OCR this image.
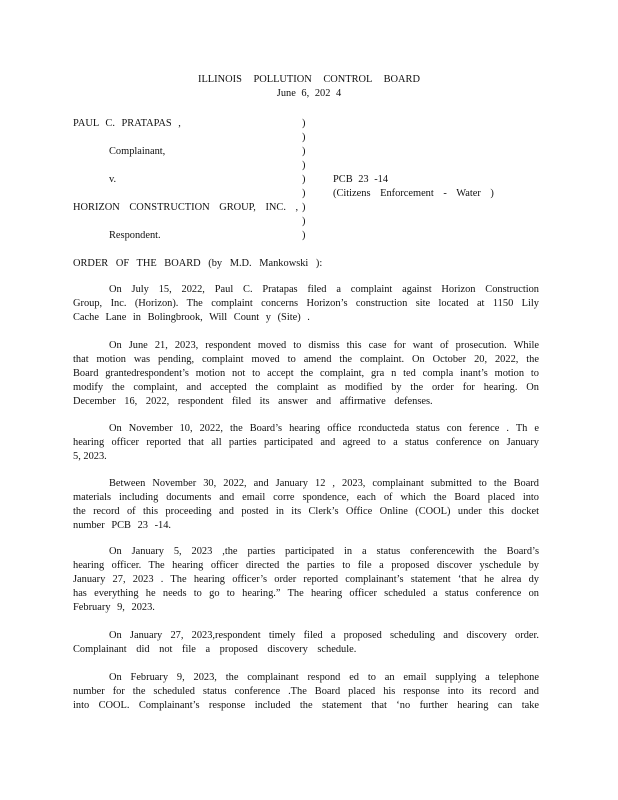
ILLINOIS POLLUTION CONTROL BOARD
June 6, 202 4
PAUL C. PRATAPAS ,
Complainant,
v.
HORIZON CONSTRUCTION GROUP, INC. ,
Respondent.
)
)
)
)
)
)
)
)
)
PCB 23 -14
(Citizens Enforcement - Water )
ORDER OF THE BOARD (by M.D. Mankowski ):
On July 15, 2022, Paul C. Pratapas filed a complaint against Horizon Construction
Group, Inc. (Horizon). The complaint concerns Horizon’s construction site located at 1150 Lily
Cache Lane in Bolingbrook, Will Count y (Site) .
On June 21, 2023, respondent moved to dismiss this case for want of prosecution. While
that motion was pending, complaint moved to amend the complaint. On October 20, 2022, the
Board grantedrespondent’s motion not to accept the complaint, gra n ted compla inant’s motion to
modify the complaint, and accepted the complaint as modified by the order for hearing. On
December 16, 2022, respondent filed its answer and affirmative defenses.
On November 10, 2022, the Board’s hearing office rconducteda status con ference . Th e
hearing officer reported that all parties participated and agreed to a status conference on January
5, 2023.
Between November 30, 2022, and January 12 , 2023, complainant submitted to the Board
materials including documents and email corre spondence, each of which the Board placed into
the record of this proceeding and posted in its Clerk’s Office Online (COOL) under this docket
number PCB 23 -14.
On January 5, 2023 ,the parties participated in a status conferencewith the Board’s
hearing officer. The hearing officer directed the parties to file a proposed discover yschedule by
January 27, 2023 . The hearing officer’s order reported complainant’s statement ‘that he alrea dy
has everything he needs to go to hearing.” The hearing officer scheduled a status conference on
February 9, 2023.
On January 27, 2023,respondent timely filed a proposed scheduling and discovery order.
Complainant did not file a proposed discovery schedule.
On February 9, 2023, the complainant respond ed to an email supplying a telephone
number for the scheduled status conference .The Board placed his response into its record and
into COOL. Complainant’s response included the statement that ‘no further hearing can take
